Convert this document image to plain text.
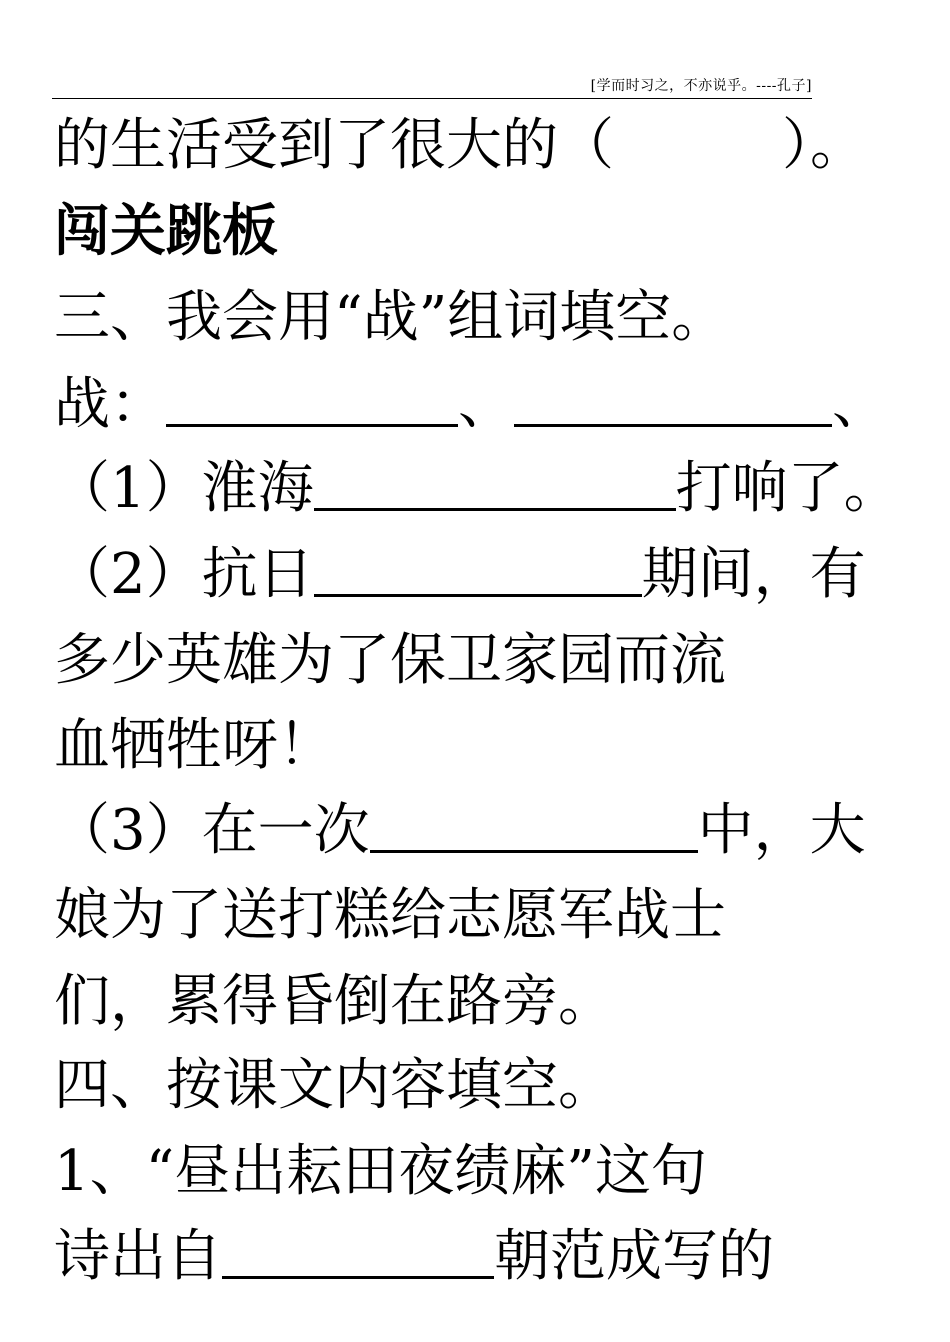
[学而时习之，不亦说乎。----孔子]
的生活受到了很大的（　　　）。
闯关跳板
三、我会用“战”组词填空。
战：	、	、
（1）淮海	打响了。
（2）抗日	期间，有
多少英雄为了保卫家园而流
血牺牲呀！
（3）在一次	中，大
娘为了送打糕给志愿军战士
们，累得昏倒在路旁。
四、按课文内容填空。
1、“昼出耘田夜绩麻”这句
诗出自	朝范成写的
